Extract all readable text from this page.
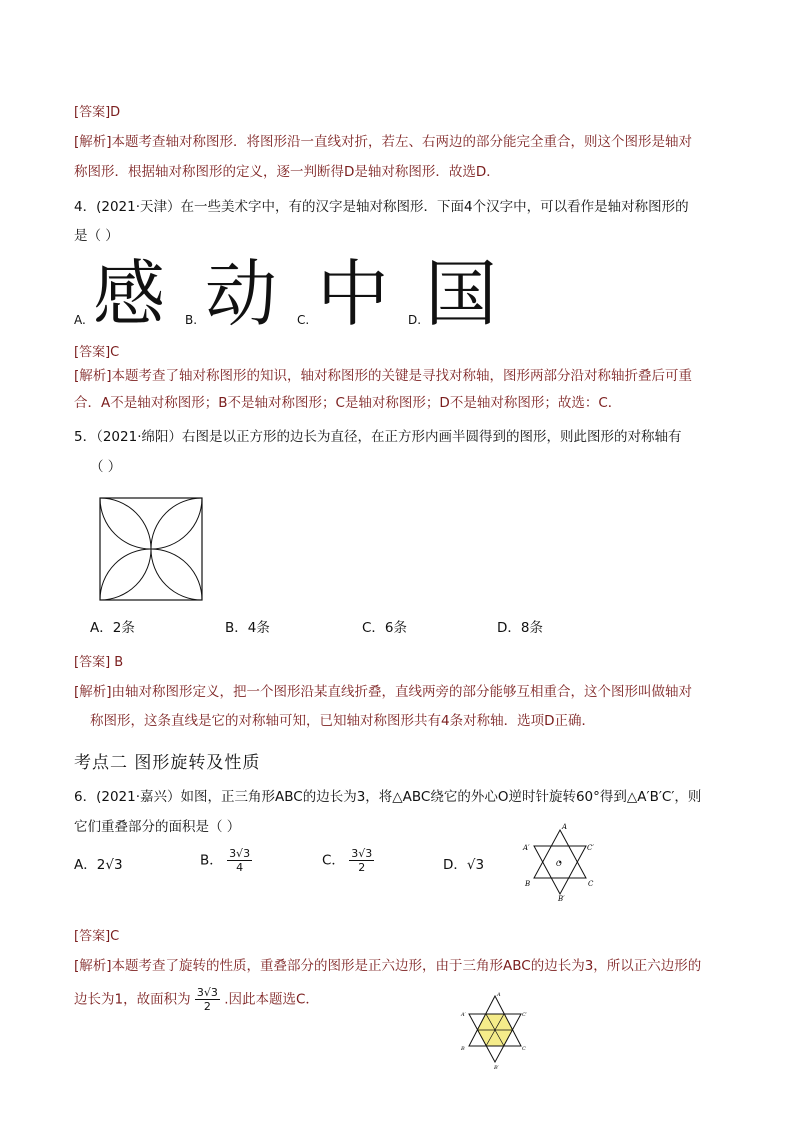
[答案]D
[解析]本题考查轴对称图形．将图形沿一直线对折，若左、右两边的部分能完全重合，则这个图形是轴对
称图形．根据轴对称图形的定义，逐一判断得D是轴对称图形．故选D．
4．(2021·天津）在一些美术字中，有的汉字是轴对称图形．下面4个汉字中，可以看作是轴对称图形的
是（ ）
A. 感 B. 动 C. 中 D. 国
[答案]C
[解析]本题考查了轴对称图形的知识，轴对称图形的关键是寻找对称轴，图形两部分沿对称轴折叠后可重
合．A不是轴对称图形；B不是轴对称图形；C是轴对称图形；D不是轴对称图形；故选：C．
5．（2021·绵阳）右图是以正方形的边长为直径，在正方形内画半圆得到的图形，则此图形的对称轴有
（ ）
A．2条	B．4条	C．6条	D．8条
[答案] B
[解析]由轴对称图形定义，把一个图形沿某直线折叠，直线两旁的部分能够互相重合，这个图形叫做轴对
称图形，这条直线是它的对称轴可知，已知轴对称图形共有4条对称轴．选项D正确．
考点二 图形旋转及性质
6．(2021·嘉兴）如图，正三角形ABC的边长为3，将△ABC绕它的外心O逆时针旋转60°得到△A′B′C′，则
它们重叠部分的面积是（ ）
A．2√3	B． $\frac{3√3}{4}$	C． $\frac{3√3}{2}$	D．√3
A
A′	C′
B	C
B′
O
[答案]C
[解析]本题考查了旋转的性质，重叠部分的图形是正六边形，由于三角形ABC的边长为3，所以正六边形的
边长为1，故面积为 $\frac{3√3}{2}$ .因此本题选C．	A
A′	C′
B	C
B′
